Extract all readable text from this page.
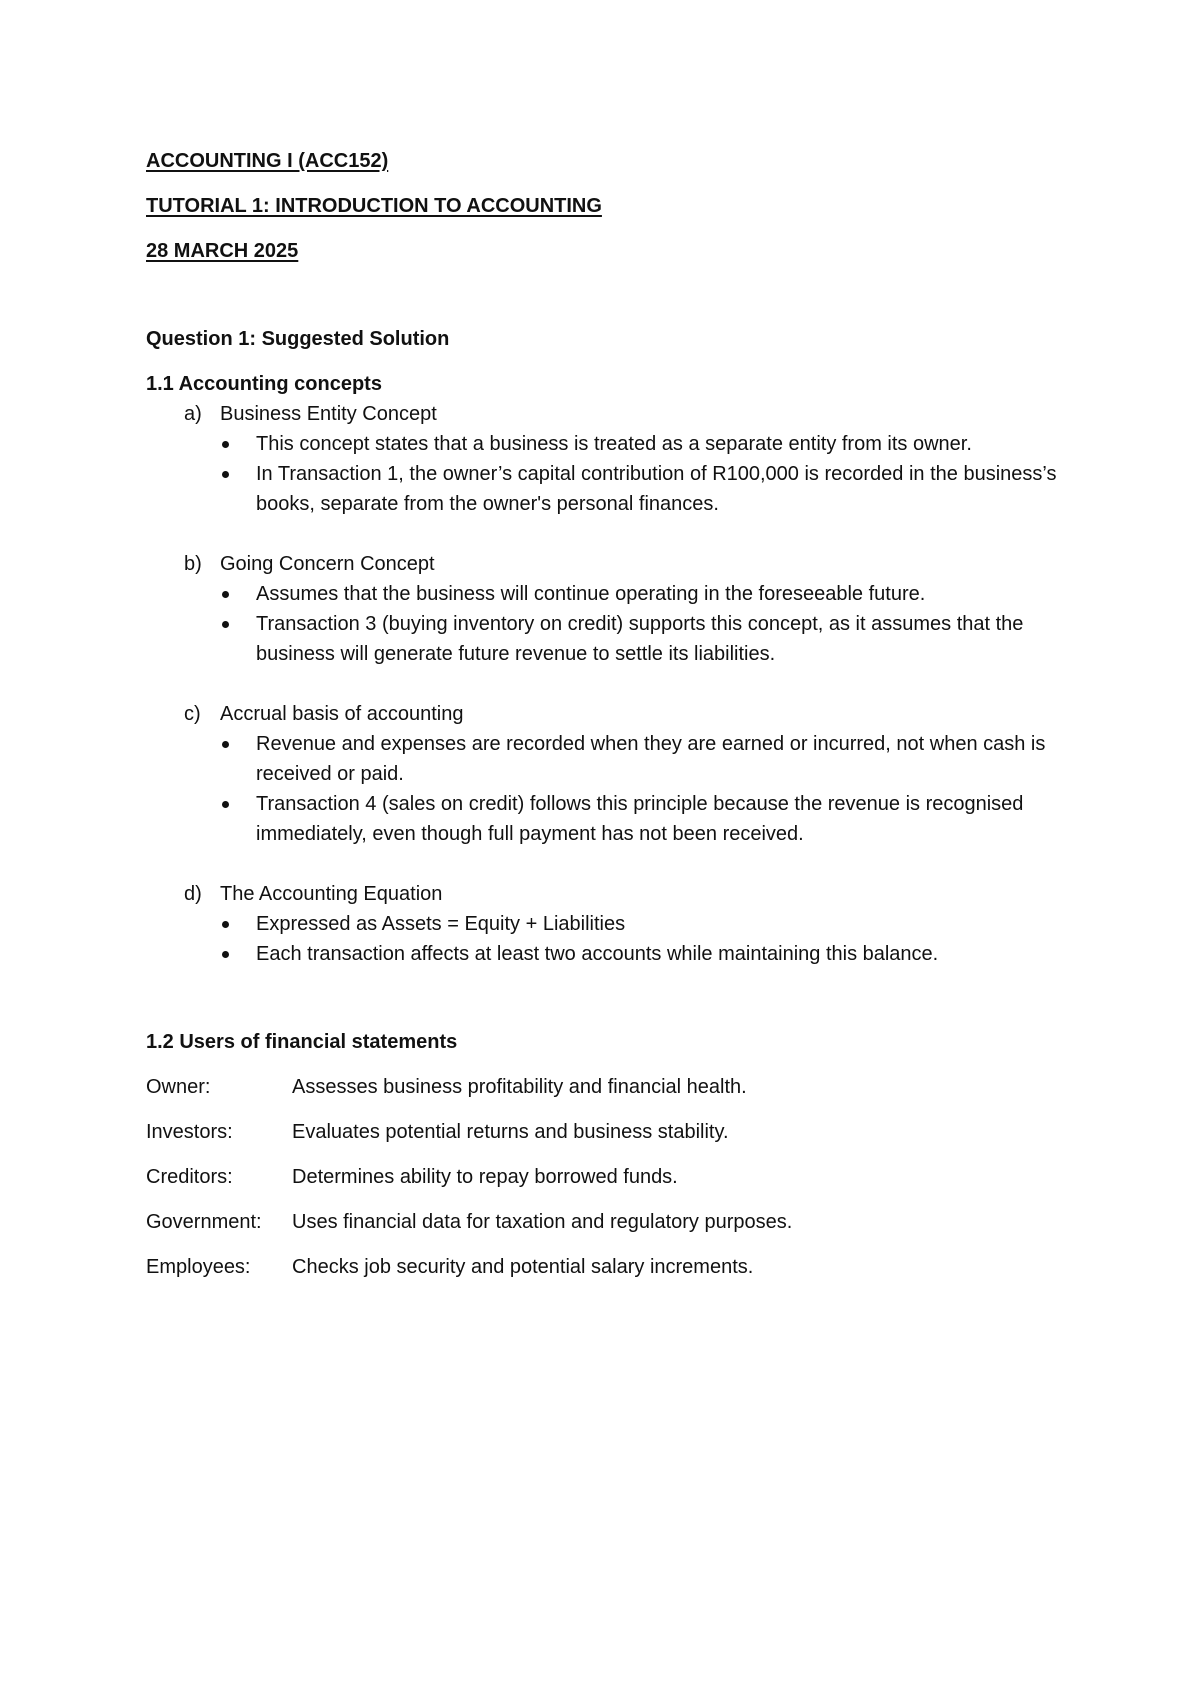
ACCOUNTING I (ACC152)
TUTORIAL 1: INTRODUCTION TO ACCOUNTING
28 MARCH 2025
Question 1: Suggested Solution
1.1 Accounting concepts
a) Business Entity Concept
This concept states that a business is treated as a separate entity from its owner.
In Transaction 1, the owner’s capital contribution of R100,000 is recorded in the business’s books, separate from the owner's personal finances.
b) Going Concern Concept
Assumes that the business will continue operating in the foreseeable future.
Transaction 3 (buying inventory on credit) supports this concept, as it assumes that the business will generate future revenue to settle its liabilities.
c) Accrual basis of accounting
Revenue and expenses are recorded when they are earned or incurred, not when cash is received or paid.
Transaction 4 (sales on credit) follows this principle because the revenue is recognised immediately, even though full payment has not been received.
d) The Accounting Equation
Expressed as Assets = Equity + Liabilities
Each transaction affects at least two accounts while maintaining this balance.
1.2 Users of financial statements
Owner:	Assesses business profitability and financial health.
Investors:	Evaluates potential returns and business stability.
Creditors:	Determines ability to repay borrowed funds.
Government:	Uses financial data for taxation and regulatory purposes.
Employees:	Checks job security and potential salary increments.
